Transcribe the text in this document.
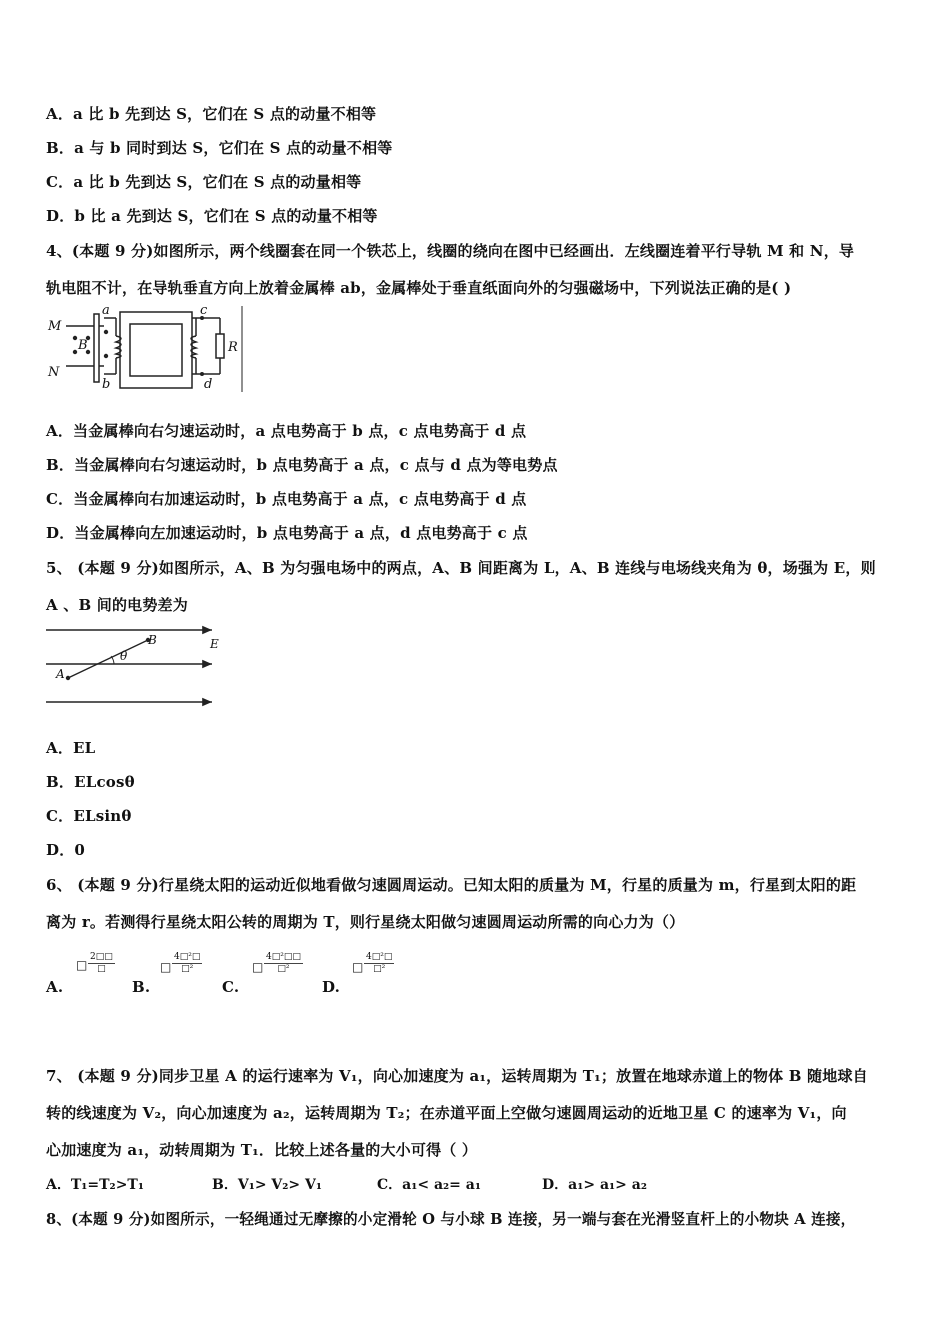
A．a 比 b 先到达 S，它们在 S 点的动量不相等
B．a 与 b 同时到达 S，它们在 S 点的动量不相等
C．a 比 b 先到达 S，它们在 S 点的动量相等
D．b 比 a 先到达 S，它们在 S 点的动量不相等
4、(本题 9 分)如图所示，两个线圈套在同一个铁芯上，线圈的绕向在图中已经画出．左线圈连着平行导轨 M 和 N，导
轨电阻不计，在导轨垂直方向上放着金属棒 ab，金属棒处于垂直纸面向外的匀强磁场中，下列说法正确的是( )
M
N
a
b
B
c
d
R
A．当金属棒向右匀速运动时，a 点电势高于 b 点，c 点电势高于 d 点
B．当金属棒向右匀速运动时，b 点电势高于 a 点，c 点与 d 点为等电势点
C．当金属棒向右加速运动时，b 点电势高于 a 点，c 点电势高于 d 点
D．当金属棒向左加速运动时，b 点电势高于 a 点，d 点电势高于 c 点
5、 (本题 9 分)如图所示，A、B 为匀强电场中的两点，A、B 间距离为 L，A、B 连线与电场线夹角为 θ，场强为 E，则
A 、B 间的电势差为
A
B	E
θ
A．EL
B．ELcosθ
C．ELsinθ
D．0
6、 (本题 9 分)行星绕太阳的运动近似地看做匀速圆周运动。已知太阳的质量为 M，行星的质量为 m，行星到太阳的距
离为 r。若测得行星绕太阳公转的周期为 T，则行星绕太阳做匀速圆周运动所需的向心力为（）
A.
□
2□□
□
B.
□
4□²□
□²
C.
□
4□²□□
□²
D.
□
4□²□
□²
7、 (本题 9 分)同步卫星 A 的运行速率为 V₁，向心加速度为 a₁，运转周期为 T₁；放置在地球赤道上的物体 B 随地球自
转的线速度为 V₂，向心加速度为 a₂，运转周期为 T₂；在赤道平面上空做匀速圆周运动的近地卫星 C 的速率为 V₁，向
心加速度为 a₁，动转周期为 T₁．比较上述各量的大小可得（ ）
A．T₁=T₂>T₁	B．V₁> V₂> V₁	C．a₁< a₂= a₁	D．a₁> a₁> a₂
8、(本题 9 分)如图所示，一轻绳通过无摩擦的小定滑轮 O 与小球 B 连接，另一端与套在光滑竖直杆上的小物块 A 连接，
